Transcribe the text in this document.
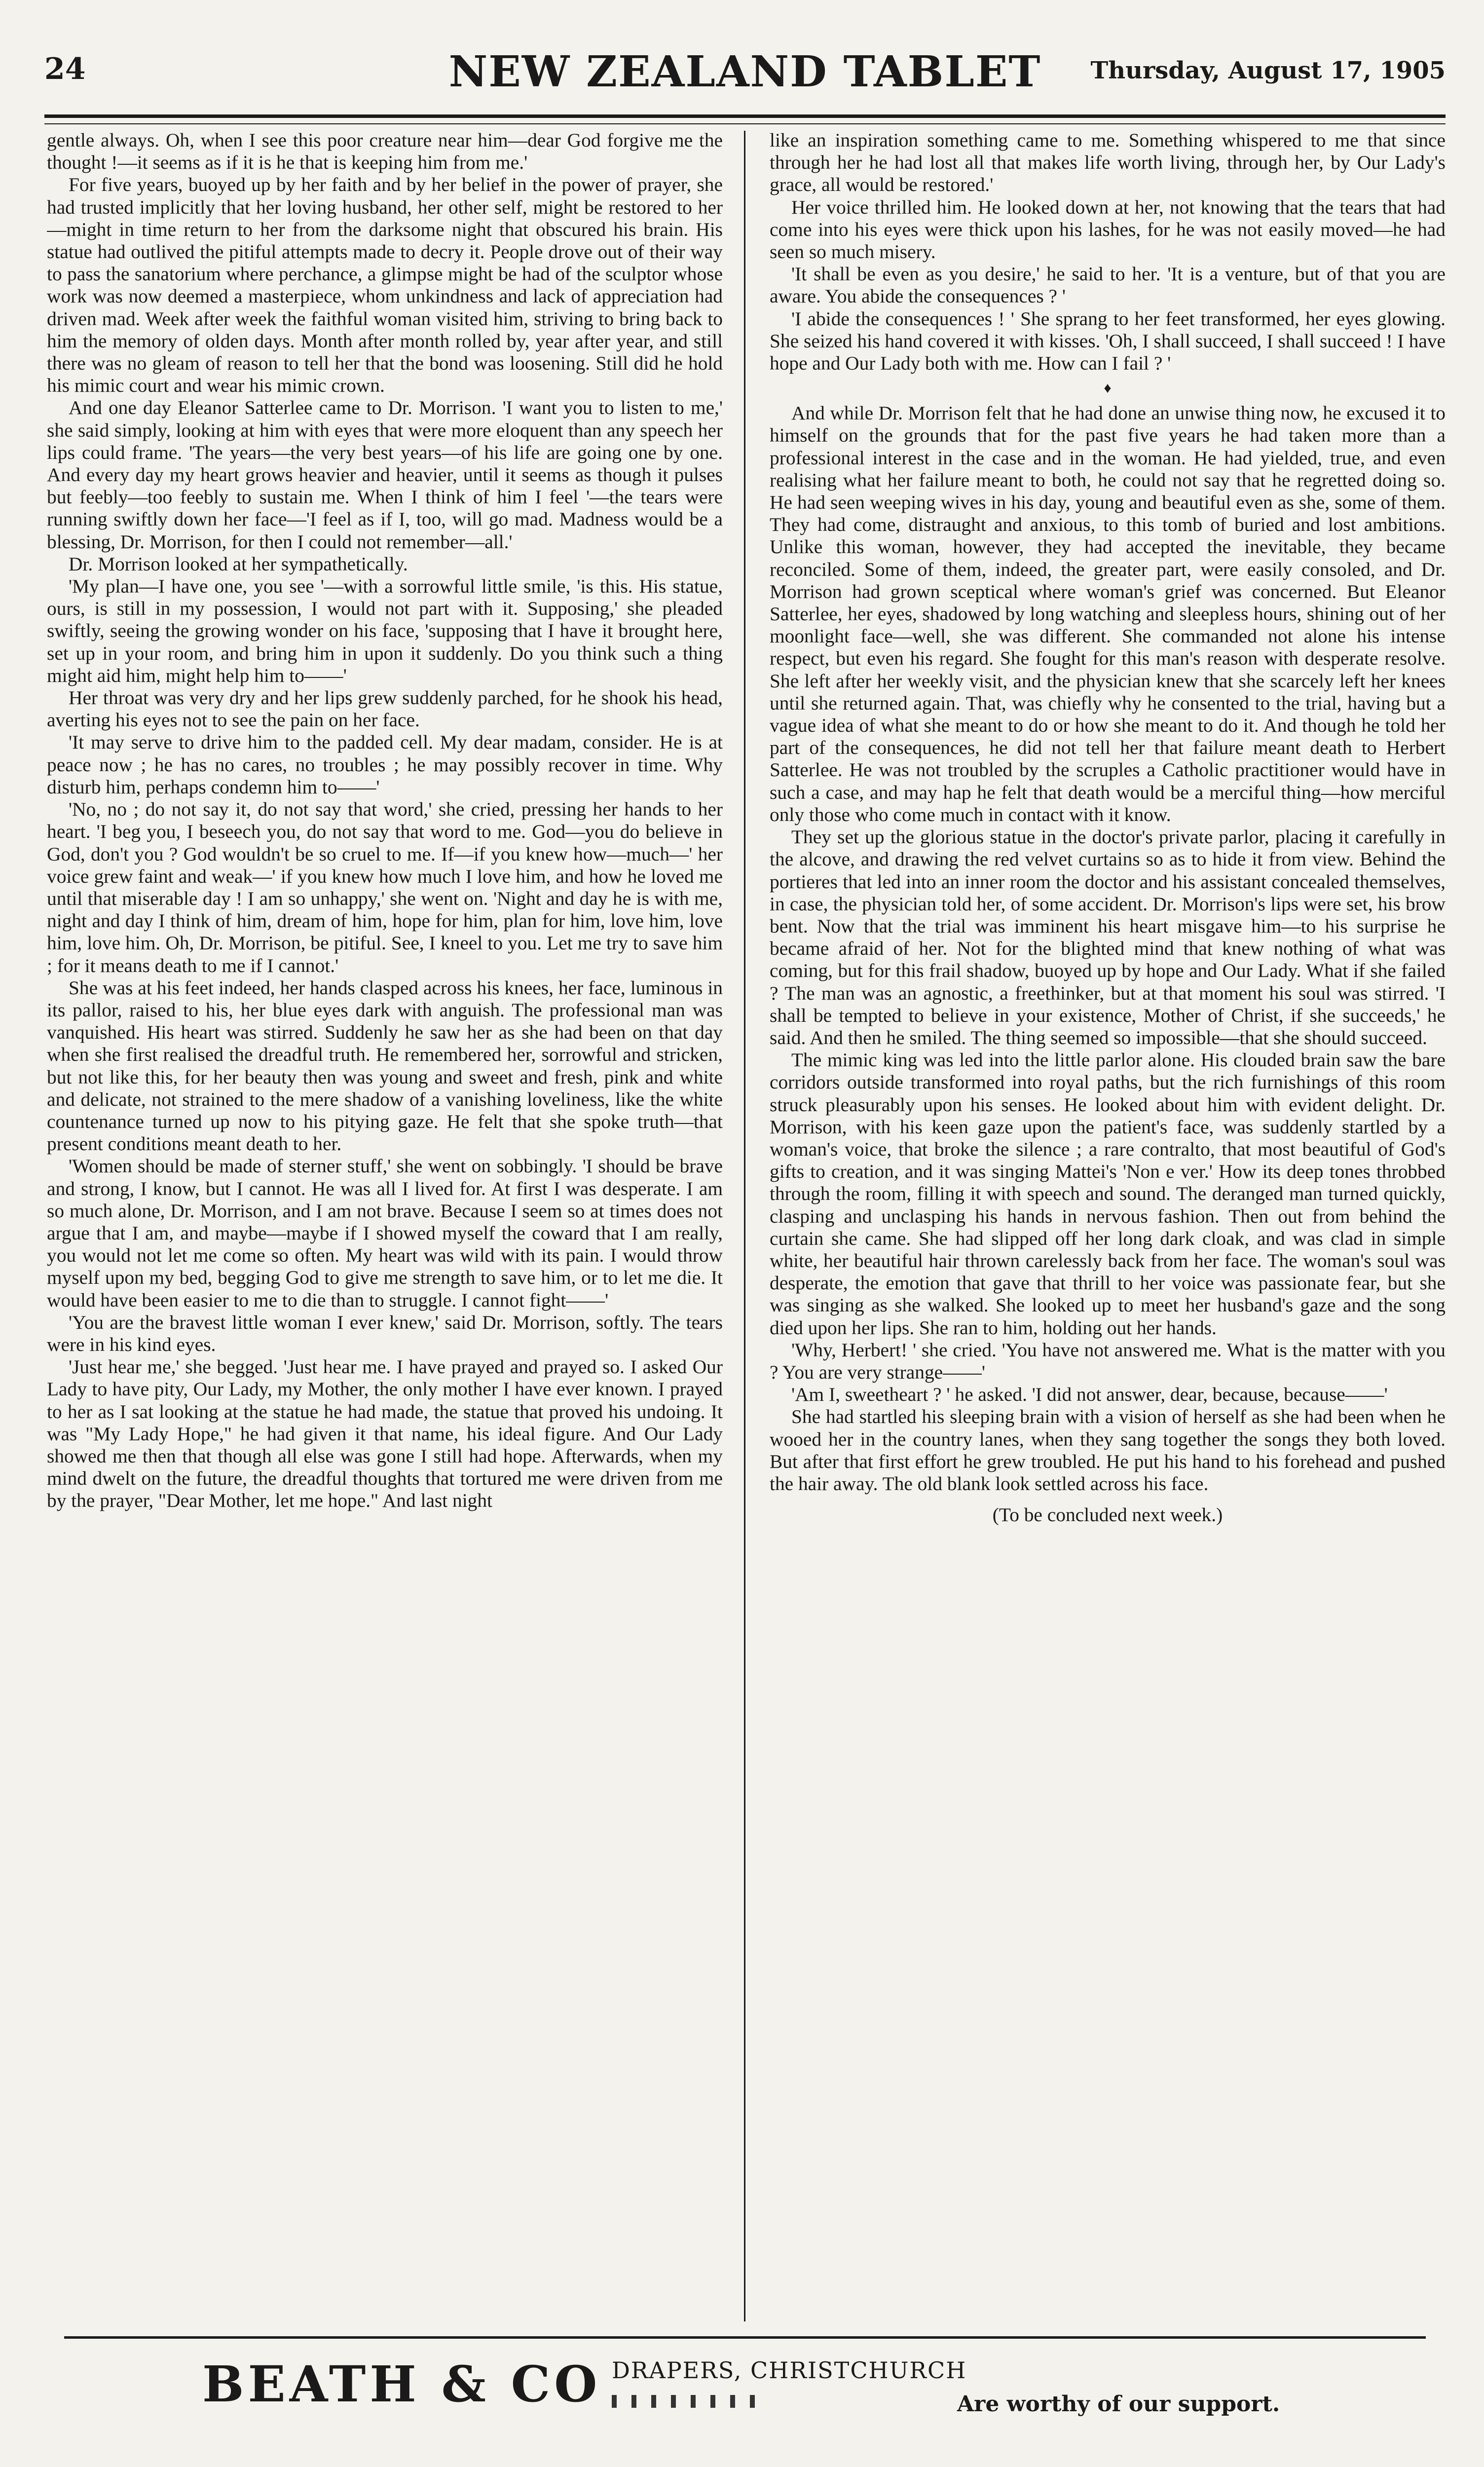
24	NEW ZEALAND TABLET	Thursday, August 17, 1905

gentle always. Oh, when I see this poor creature near him—dear God forgive me the thought !—it seems as if it is he that is keeping him from me.'

For five years, buoyed up by her faith and by her belief in the power of prayer, she had trusted implicitly that her loving husband, her other self, might be restored to her—might in time return to her from the darksome night that obscured his brain. His statue had outlived the pitiful attempts made to decry it. People drove out of their way to pass the sanatorium where perchance, a glimpse might be had of the sculptor whose work was now deemed a masterpiece, whom unkindness and lack of appreciation had driven mad. Week after week the faithful woman visited him, striving to bring back to him the memory of olden days. Month after month rolled by, year after year, and still there was no gleam of reason to tell her that the bond was loosening. Still did he hold his mimic court and wear his mimic crown.

And one day Eleanor Satterlee came to Dr. Morrison. 'I want you to listen to me,' she said simply, looking at him with eyes that were more eloquent than any speech her lips could frame. 'The years—the very best years—of his life are going one by one. And every day my heart grows heavier and heavier, until it seems as though it pulses but feebly—too feebly to sustain me. When I think of him I feel '—the tears were running swiftly down her face—'I feel as if I, too, will go mad. Madness would be a blessing, Dr. Morrison, for then I could not remember—all.'

Dr. Morrison looked at her sympathetically.

'My plan—I have one, you see '—with a sorrowful little smile, 'is this. His statue, ours, is still in my possession, I would not part with it. Supposing,' she pleaded swiftly, seeing the growing wonder on his face, 'supposing that I have it brought here, set up in your room, and bring him in upon it suddenly. Do you think such a thing might aid him, might help him to——'

Her throat was very dry and her lips grew suddenly parched, for he shook his head, averting his eyes not to see the pain on her face.

'It may serve to drive him to the padded cell. My dear madam, consider. He is at peace now ; he has no cares, no troubles ; he may possibly recover in time. Why disturb him, perhaps condemn him to——'

'No, no ; do not say it, do not say that word,' she cried, pressing her hands to her heart. 'I beg you, I beseech you, do not say that word to me. God—you do believe in God, don't you ? God wouldn't be so cruel to me. If—if you knew how—much—' her voice grew faint and weak—' if you knew how much I love him, and how he loved me until that miserable day ! I am so unhappy,' she went on. 'Night and day he is with me, night and day I think of him, dream of him, hope for him, plan for him, love him, love him, love him. Oh, Dr. Morrison, be pitiful. See, I kneel to you. Let me try to save him ; for it means death to me if I cannot.'

She was at his feet indeed, her hands clasped across his knees, her face, luminous in its pallor, raised to his, her blue eyes dark with anguish. The professional man was vanquished. His heart was stirred. Suddenly he saw her as she had been on that day when she first realised the dreadful truth. He remembered her, sorrowful and stricken, but not like this, for her beauty then was young and sweet and fresh, pink and white and delicate, not strained to the mere shadow of a vanishing loveliness, like the white countenance turned up now to his pitying gaze. He felt that she spoke truth—that present conditions meant death to her.

'Women should be made of sterner stuff,' she went on sobbingly. 'I should be brave and strong, I know, but I cannot. He was all I lived for. At first I was desperate. I am so much alone, Dr. Morrison, and I am not brave. Because I seem so at times does not argue that I am, and maybe—maybe if I showed myself the coward that I am really, you would not let me come so often. My heart was wild with its pain. I would throw myself upon my bed, begging God to give me strength to save him, or to let me die. It would have been easier to me to die than to struggle. I cannot fight——'

'You are the bravest little woman I ever knew,' said Dr. Morrison, softly. The tears were in his kind eyes.

'Just hear me,' she begged. 'Just hear me. I have prayed and prayed so. I asked Our Lady to have pity, Our Lady, my Mother, the only mother I have ever known. I prayed to her as I sat looking at the statue he had made, the statue that proved his undoing. It was "My Lady Hope," he had given it that name, his ideal figure. And Our Lady showed me then that though all else was gone I still had hope. Afterwards, when my mind dwelt on the future, the dreadful thoughts that tortured me were driven from me by the prayer, "Dear Mother, let me hope." And last night

like an inspiration something came to me. Something whispered to me that since through her he had lost all that makes life worth living, through her, by Our Lady's grace, all would be restored.'

Her voice thrilled him. He looked down at her, not knowing that the tears that had come into his eyes were thick upon his lashes, for he was not easily moved—he had seen so much misery.

'It shall be even as you desire,' he said to her. 'It is a venture, but of that you are aware. You abide the consequences ? '

'I abide the consequences ! ' She sprang to her feet transformed, her eyes glowing. She seized his hand covered it with kisses. 'Oh, I shall succeed, I shall succeed ! I have hope and Our Lady both with me. How can I fail ? '

♦

And while Dr. Morrison felt that he had done an unwise thing now, he excused it to himself on the grounds that for the past five years he had taken more than a professional interest in the case and in the woman. He had yielded, true, and even realising what her failure meant to both, he could not say that he regretted doing so. He had seen weeping wives in his day, young and beautiful even as she, some of them. They had come, distraught and anxious, to this tomb of buried and lost ambitions. Unlike this woman, however, they had accepted the inevitable, they became reconciled. Some of them, indeed, the greater part, were easily consoled, and Dr. Morrison had grown sceptical where woman's grief was concerned. But Eleanor Satterlee, her eyes, shadowed by long watching and sleepless hours, shining out of her moonlight face—well, she was different. She commanded not alone his intense respect, but even his regard. She fought for this man's reason with desperate resolve. She left after her weekly visit, and the physician knew that she scarcely left her knees until she returned again. That, was chiefly why he consented to the trial, having but a vague idea of what she meant to do or how she meant to do it. And though he told her part of the consequences, he did not tell her that failure meant death to Herbert Satterlee. He was not troubled by the scruples a Catholic practitioner would have in such a case, and may hap he felt that death would be a merciful thing—how merciful only those who come much in contact with it know.

They set up the glorious statue in the doctor's private parlor, placing it carefully in the alcove, and drawing the red velvet curtains so as to hide it from view. Behind the portieres that led into an inner room the doctor and his assistant concealed themselves, in case, the physician told her, of some accident. Dr. Morrison's lips were set, his brow bent. Now that the trial was imminent his heart misgave him—to his surprise he became afraid of her. Not for the blighted mind that knew nothing of what was coming, but for this frail shadow, buoyed up by hope and Our Lady. What if she failed ? The man was an agnostic, a freethinker, but at that moment his soul was stirred. 'I shall be tempted to believe in your existence, Mother of Christ, if she succeeds,' he said. And then he smiled. The thing seemed so impossible—that she should succeed.

The mimic king was led into the little parlor alone. His clouded brain saw the bare corridors outside transformed into royal paths, but the rich furnishings of this room struck pleasurably upon his senses. He looked about him with evident delight. Dr. Morrison, with his keen gaze upon the patient's face, was suddenly startled by a woman's voice, that broke the silence ; a rare contralto, that most beautiful of God's gifts to creation, and it was singing Mattei's 'Non e ver.' How its deep tones throbbed through the room, filling it with speech and sound. The deranged man turned quickly, clasping and unclasping his hands in nervous fashion. Then out from behind the curtain she came. She had slipped off her long dark cloak, and was clad in simple white, her beautiful hair thrown carelessly back from her face. The woman's soul was desperate, the emotion that gave that thrill to her voice was passionate fear, but she was singing as she walked. She looked up to meet her husband's gaze and the song died upon her lips. She ran to him, holding out her hands.

'Why, Herbert! ' she cried. 'You have not answered me. What is the matter with you ? You are very strange——'

'Am I, sweetheart ? ' he asked. 'I did not answer, dear, because, because——'

She had startled his sleeping brain with a vision of herself as she had been when he wooed her in the country lanes, when they sang together the songs they both loved. But after that first effort he grew troubled. He put his hand to his forehead and pushed the hair away. The old blank look settled across his face.

(To be concluded next week.)

BEATH & CO DRAPERS, CHRISTCHURCH
Are worthy of our support.
